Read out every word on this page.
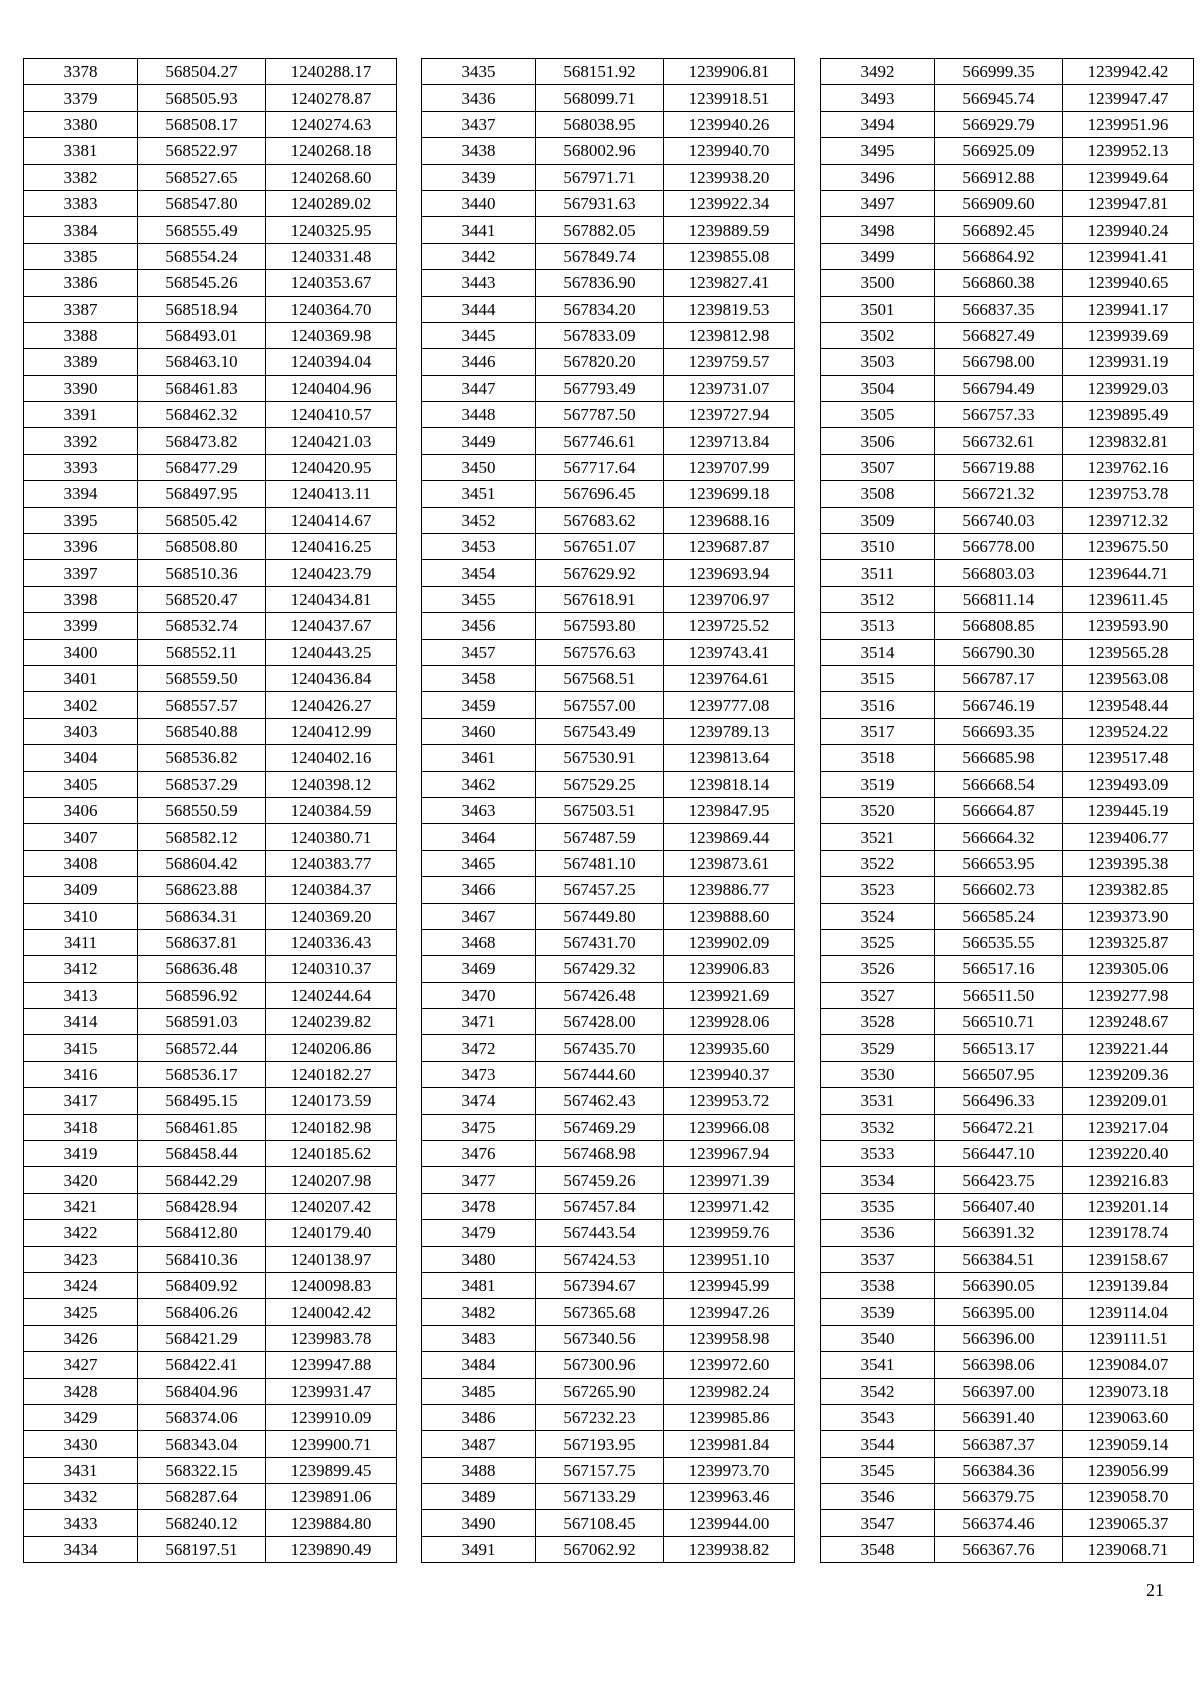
3378	568504.27	1240288.17
3379	568505.93	1240278.87
3380	568508.17	1240274.63
3381	568522.97	1240268.18
3382	568527.65	1240268.60
3383	568547.80	1240289.02
3384	568555.49	1240325.95
3385	568554.24	1240331.48
3386	568545.26	1240353.67
3387	568518.94	1240364.70
3388	568493.01	1240369.98
3389	568463.10	1240394.04
3390	568461.83	1240404.96
3391	568462.32	1240410.57
3392	568473.82	1240421.03
3393	568477.29	1240420.95
3394	568497.95	1240413.11
3395	568505.42	1240414.67
3396	568508.80	1240416.25
3397	568510.36	1240423.79
3398	568520.47	1240434.81
3399	568532.74	1240437.67
3400	568552.11	1240443.25
3401	568559.50	1240436.84
3402	568557.57	1240426.27
3403	568540.88	1240412.99
3404	568536.82	1240402.16
3405	568537.29	1240398.12
3406	568550.59	1240384.59
3407	568582.12	1240380.71
3408	568604.42	1240383.77
3409	568623.88	1240384.37
3410	568634.31	1240369.20
3411	568637.81	1240336.43
3412	568636.48	1240310.37
3413	568596.92	1240244.64
3414	568591.03	1240239.82
3415	568572.44	1240206.86
3416	568536.17	1240182.27
3417	568495.15	1240173.59
3418	568461.85	1240182.98
3419	568458.44	1240185.62
3420	568442.29	1240207.98
3421	568428.94	1240207.42
3422	568412.80	1240179.40
3423	568410.36	1240138.97
3424	568409.92	1240098.83
3425	568406.26	1240042.42
3426	568421.29	1239983.78
3427	568422.41	1239947.88
3428	568404.96	1239931.47
3429	568374.06	1239910.09
3430	568343.04	1239900.71
3431	568322.15	1239899.45
3432	568287.64	1239891.06
3433	568240.12	1239884.80
3434	568197.51	1239890.49
3435	568151.92	1239906.81
3436	568099.71	1239918.51
3437	568038.95	1239940.26
3438	568002.96	1239940.70
3439	567971.71	1239938.20
3440	567931.63	1239922.34
3441	567882.05	1239889.59
3442	567849.74	1239855.08
3443	567836.90	1239827.41
3444	567834.20	1239819.53
3445	567833.09	1239812.98
3446	567820.20	1239759.57
3447	567793.49	1239731.07
3448	567787.50	1239727.94
3449	567746.61	1239713.84
3450	567717.64	1239707.99
3451	567696.45	1239699.18
3452	567683.62	1239688.16
3453	567651.07	1239687.87
3454	567629.92	1239693.94
3455	567618.91	1239706.97
3456	567593.80	1239725.52
3457	567576.63	1239743.41
3458	567568.51	1239764.61
3459	567557.00	1239777.08
3460	567543.49	1239789.13
3461	567530.91	1239813.64
3462	567529.25	1239818.14
3463	567503.51	1239847.95
3464	567487.59	1239869.44
3465	567481.10	1239873.61
3466	567457.25	1239886.77
3467	567449.80	1239888.60
3468	567431.70	1239902.09
3469	567429.32	1239906.83
3470	567426.48	1239921.69
3471	567428.00	1239928.06
3472	567435.70	1239935.60
3473	567444.60	1239940.37
3474	567462.43	1239953.72
3475	567469.29	1239966.08
3476	567468.98	1239967.94
3477	567459.26	1239971.39
3478	567457.84	1239971.42
3479	567443.54	1239959.76
3480	567424.53	1239951.10
3481	567394.67	1239945.99
3482	567365.68	1239947.26
3483	567340.56	1239958.98
3484	567300.96	1239972.60
3485	567265.90	1239982.24
3486	567232.23	1239985.86
3487	567193.95	1239981.84
3488	567157.75	1239973.70
3489	567133.29	1239963.46
3490	567108.45	1239944.00
3491	567062.92	1239938.82
3492	566999.35	1239942.42
3493	566945.74	1239947.47
3494	566929.79	1239951.96
3495	566925.09	1239952.13
3496	566912.88	1239949.64
3497	566909.60	1239947.81
3498	566892.45	1239940.24
3499	566864.92	1239941.41
3500	566860.38	1239940.65
3501	566837.35	1239941.17
3502	566827.49	1239939.69
3503	566798.00	1239931.19
3504	566794.49	1239929.03
3505	566757.33	1239895.49
3506	566732.61	1239832.81
3507	566719.88	1239762.16
3508	566721.32	1239753.78
3509	566740.03	1239712.32
3510	566778.00	1239675.50
3511	566803.03	1239644.71
3512	566811.14	1239611.45
3513	566808.85	1239593.90
3514	566790.30	1239565.28
3515	566787.17	1239563.08
3516	566746.19	1239548.44
3517	566693.35	1239524.22
3518	566685.98	1239517.48
3519	566668.54	1239493.09
3520	566664.87	1239445.19
3521	566664.32	1239406.77
3522	566653.95	1239395.38
3523	566602.73	1239382.85
3524	566585.24	1239373.90
3525	566535.55	1239325.87
3526	566517.16	1239305.06
3527	566511.50	1239277.98
3528	566510.71	1239248.67
3529	566513.17	1239221.44
3530	566507.95	1239209.36
3531	566496.33	1239209.01
3532	566472.21	1239217.04
3533	566447.10	1239220.40
3534	566423.75	1239216.83
3535	566407.40	1239201.14
3536	566391.32	1239178.74
3537	566384.51	1239158.67
3538	566390.05	1239139.84
3539	566395.00	1239114.04
3540	566396.00	1239111.51
3541	566398.06	1239084.07
3542	566397.00	1239073.18
3543	566391.40	1239063.60
3544	566387.37	1239059.14
3545	566384.36	1239056.99
3546	566379.75	1239058.70
3547	566374.46	1239065.37
3548	566367.76	1239068.71
21
